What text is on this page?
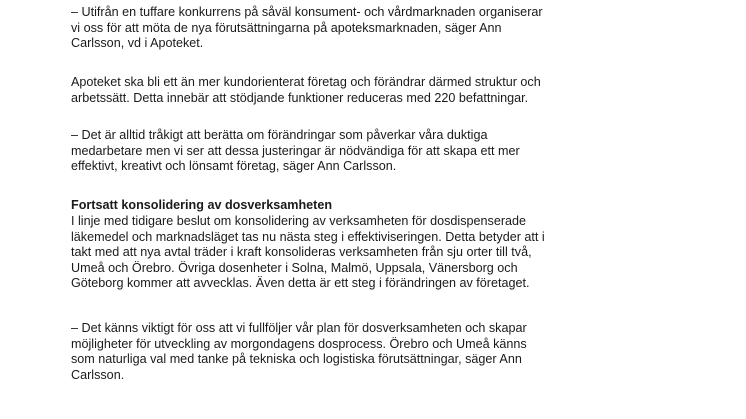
– Utifrån en tuffare konkurrens på såväl konsument- och vårdmarknaden organiserar
vi oss för att möta de nya förutsättningarna på apoteksmarknaden, säger Ann
Carlsson, vd i Apoteket.

Apoteket ska bli ett än mer kundorienterat företag och förändrar därmed struktur och
arbetssätt. Detta innebär att stödjande funktioner reduceras med 220 befattningar.

– Det är alltid tråkigt att berätta om förändringar som påverkar våra duktiga
medarbetare men vi ser att dessa justeringar är nödvändiga för att skapa ett mer
effektivt, kreativt och lönsamt företag, säger Ann Carlsson.

Fortsatt konsolidering av dosverksamheten

I linje med tidigare beslut om konsolidering av verksamheten för dosdispenserade
läkemedel och marknadsläget tas nu nästa steg i effektiviseringen. Detta betyder att i
takt med att nya avtal träder i kraft konsolideras verksamheten från sju orter till två,
Umeå och Örebro. Övriga dosenheter i Solna, Malmö, Uppsala, Vänersborg och
Göteborg kommer att avvecklas. Även detta är ett steg i förändringen av företaget.

– Det känns viktigt för oss att vi fullföljer vår plan för dosverksamheten och skapar
möjligheter för utveckling av morgondagens dosprocess. Örebro och Umeå känns
som naturliga val med tanke på tekniska och logistiska förutsättningar, säger Ann
Carlsson.
